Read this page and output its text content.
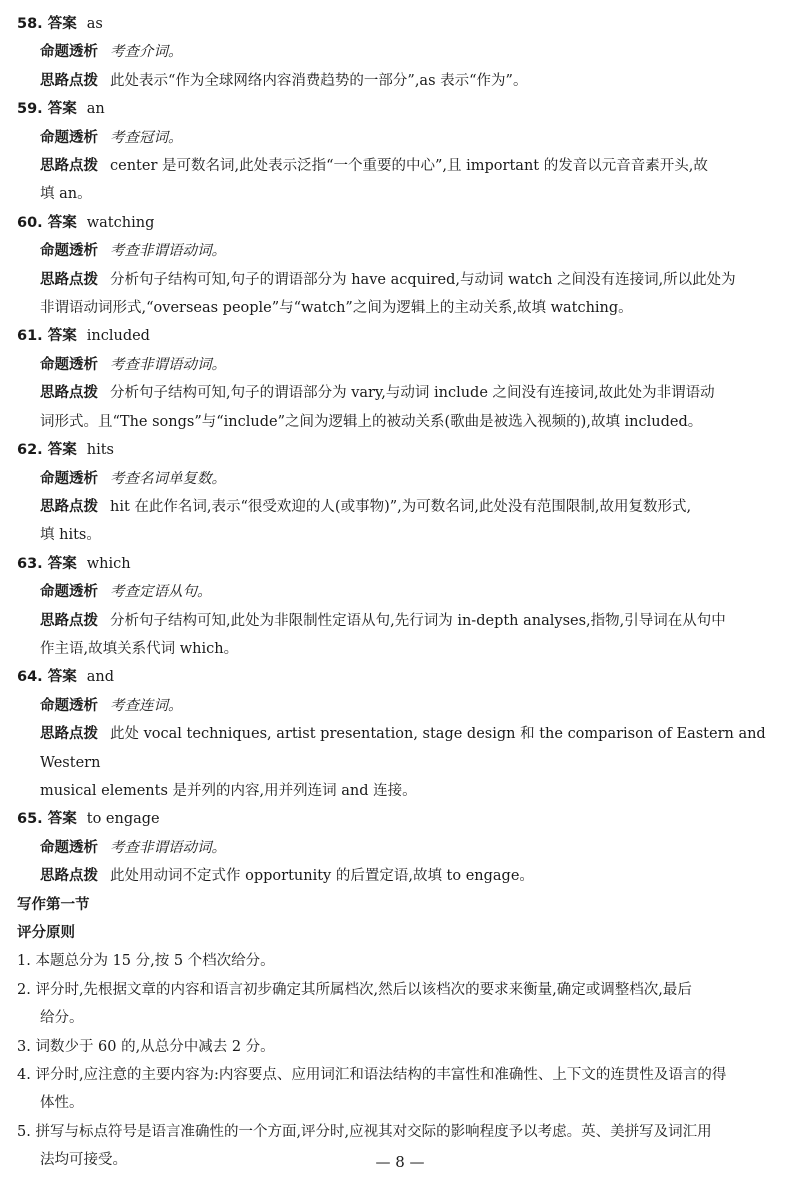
58. 答案 as
命题透析 考查介词。
思路点拨 此处表示“作为全球网络内容消费趋势的一部分”,as 表示“作为”。
59. 答案 an
命题透析 考查冠词。
思路点拨 center 是可数名词,此处表示泛指“一个重要的中心”,且 important 的发音以元音音素开头,故
填 an。
60. 答案 watching
命题透析 考查非谓语动词。
思路点拨 分析句子结构可知,句子的谓语部分为 have acquired,与动词 watch 之间没有连接词,所以此处为
非谓语动词形式,“overseas people”与“watch”之间为逻辑上的主动关系,故填 watching。
61. 答案 included
命题透析 考查非谓语动词。
思路点拨 分析句子结构可知,句子的谓语部分为 vary,与动词 include 之间没有连接词,故此处为非谓语动
词形式。且“The songs”与“include”之间为逻辑上的被动关系(歌曲是被选入视频的),故填 included。
62. 答案 hits
命题透析 考查名词单复数。
思路点拨 hit 在此作名词,表示“很受欢迎的人(或事物)”,为可数名词,此处没有范围限制,故用复数形式,
填 hits。
63. 答案 which
命题透析 考查定语从句。
思路点拨 分析句子结构可知,此处为非限制性定语从句,先行词为 in-depth analyses,指物,引导词在从句中
作主语,故填关系代词 which。
64. 答案 and
命题透析 考查连词。
思路点拨 此处 vocal techniques, artist presentation, stage design 和 the comparison of Eastern and Western
musical elements 是并列的内容,用并列连词 and 连接。
65. 答案 to engage
命题透析 考查非谓语动词。
思路点拨 此处用动词不定式作 opportunity 的后置定语,故填 to engage。
写作第一节
评分原则
1. 本题总分为 15 分,按 5 个档次给分。
2. 评分时,先根据文章的内容和语言初步确定其所属档次,然后以该档次的要求来衡量,确定或调整档次,最后
给分。
3. 词数少于 60 的,从总分中减去 2 分。
4. 评分时,应注意的主要内容为:内容要点、应用词汇和语法结构的丰富性和准确性、上下文的连贯性及语言的得
体性。
5. 拼写与标点符号是语言准确性的一个方面,评分时,应视其对交际的影响程度予以考虑。英、美拼写及词汇用
法均可接受。	— 8 —
